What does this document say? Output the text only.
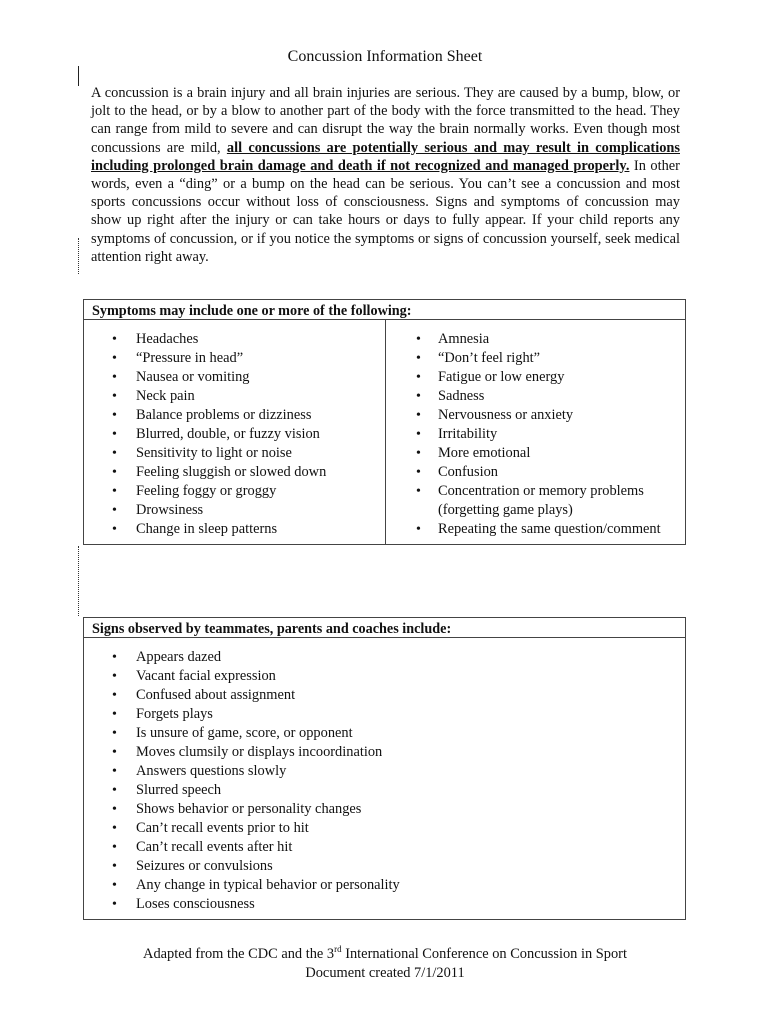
Concussion Information Sheet
A concussion is a brain injury and all brain injuries are serious. They are caused by a bump, blow, or jolt to the head, or by a blow to another part of the body with the force transmitted to the head. They can range from mild to severe and can disrupt the way the brain normally works. Even though most concussions are mild, all concussions are potentially serious and may result in complications including prolonged brain damage and death if not recognized and managed properly. In other words, even a “ding” or a bump on the head can be serious. You can’t see a concussion and most sports concussions occur without loss of consciousness. Signs and symptoms of concussion may show up right after the injury or can take hours or days to fully appear. If your child reports any symptoms of concussion, or if you notice the symptoms or signs of concussion yourself, seek medical attention right away.
Symptoms may include one or more of the following:
• Headaches
• “Pressure in head”
• Nausea or vomiting
• Neck pain
• Balance problems or dizziness
• Blurred, double, or fuzzy vision
• Sensitivity to light or noise
• Feeling sluggish or slowed down
• Feeling foggy or groggy
• Drowsiness
• Change in sleep patterns
• Amnesia
• “Don’t feel right”
• Fatigue or low energy
• Sadness
• Nervousness or anxiety
• Irritability
• More emotional
• Confusion
• Concentration or memory problems (forgetting game plays)
• Repeating the same question/comment
Signs observed by teammates, parents and coaches include:
• Appears dazed
• Vacant facial expression
• Confused about assignment
• Forgets plays
• Is unsure of game, score, or opponent
• Moves clumsily or displays incoordination
• Answers questions slowly
• Slurred speech
• Shows behavior or personality changes
• Can’t recall events prior to hit
• Can’t recall events after hit
• Seizures or convulsions
• Any change in typical behavior or personality
• Loses consciousness
Adapted from the CDC and the 3rd International Conference on Concussion in Sport
Document created 7/1/2011
